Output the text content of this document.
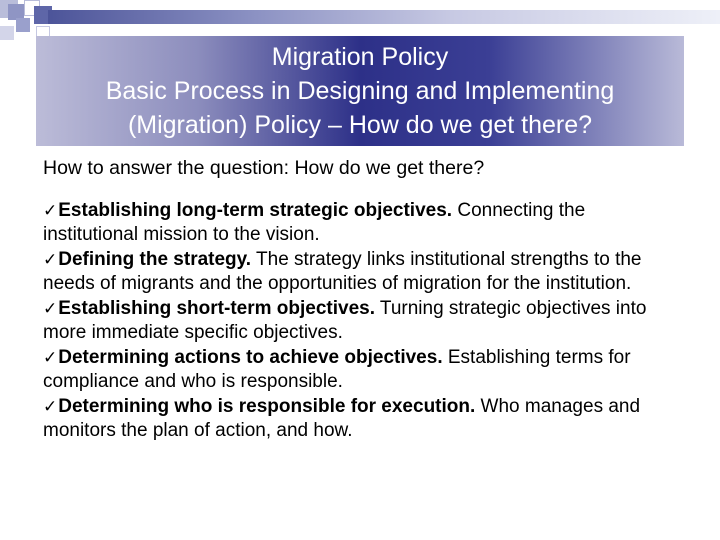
Migration Policy
Basic Process in Designing and Implementing
(Migration) Policy – How do we get there?

How to answer the question: How do we get there?

✓Establishing long-term strategic objectives. Connecting the institutional mission to the vision.

✓Defining the strategy. The strategy links institutional strengths to the needs of migrants and the opportunities of migration for the institution.

✓Establishing short-term objectives. Turning strategic objectives into more immediate specific objectives.

✓Determining actions to achieve objectives. Establishing terms for compliance and who is responsible.

✓Determining who is responsible for execution. Who manages and monitors the plan of action, and how.
